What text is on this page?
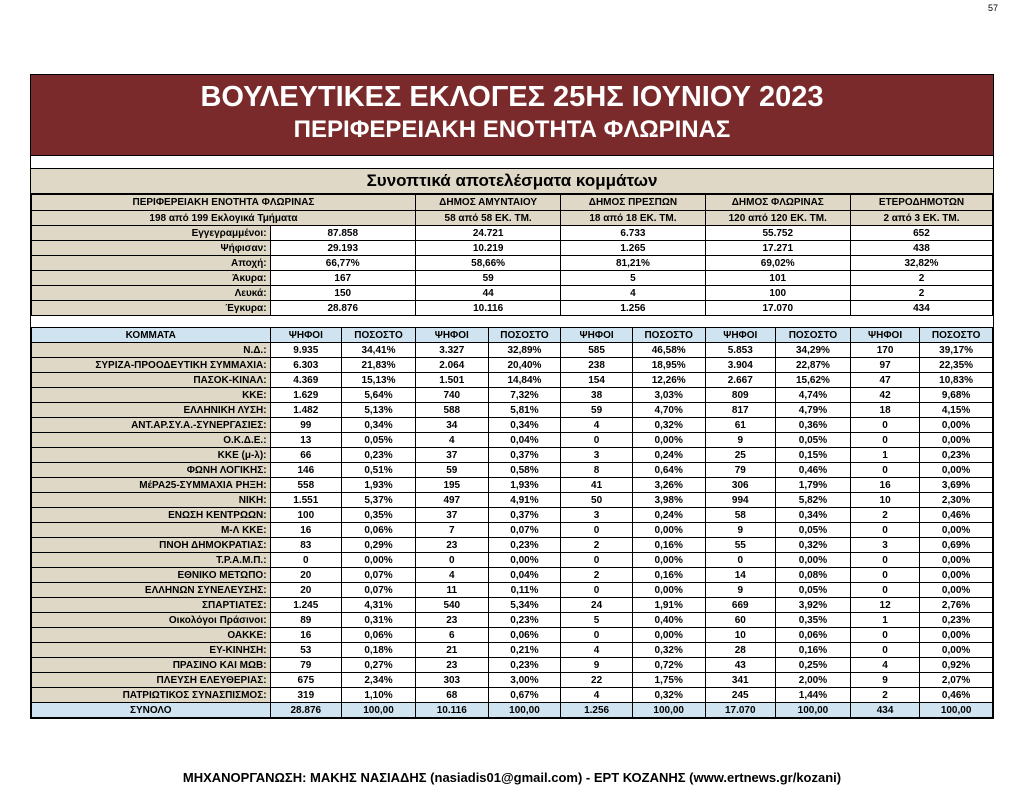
57
ΒΟΥΛΕΥΤΙΚΕΣ ΕΚΛΟΓΕΣ 25ΗΣ ΙΟΥΝΙΟΥ 2023
ΠΕΡΙΦΕΡΕΙΑΚΗ ΕΝΟΤΗΤΑ ΦΛΩΡΙΝΑΣ
Συνοπτικά αποτελέσματα κομμάτων
ΠΕΡΙΦΕΡΕΙΑΚΗ ΕΝΟΤΗΤΑ ΦΛΩΡΙΝΑΣ			ΔΗΜΟΣ ΑΜΥΝΤΑΙΟΥ		ΔΗΜΟΣ ΠΡΕΣΠΩΝ		ΔΗΜΟΣ ΦΛΩΡΙΝΑΣ		ΕΤΕΡΟΔΗΜΟΤΩΝ	
198 από 199 Εκλογικά Τμήματα			58 από 58 ΕΚ. ΤΜ.		18 από 18 ΕΚ. ΤΜ.		120 από 120 ΕΚ. ΤΜ.		2 από 3 ΕΚ. ΤΜ.	
Εγγεγραμμένοι:	87.858		24.721		6.733		55.752		652	
Ψήφισαν:	29.193		10.219		1.265		17.271		438	
Αποχή:	66,77%		58,66%		81,21%		69,02%		32,82%	
Άκυρα:	167		59		5		101		2	
Λευκά:	150		44		4		100		2	
Έγκυρα:	28.876		10.116		1.256		17.070		434	

ΚΟΜΜΑΤΑ	ΨΗΦΟΙ	ΠΟΣΟΣΤΟ	ΨΗΦΟΙ	ΠΟΣΟΣΤΟ	ΨΗΦΟΙ	ΠΟΣΟΣΤΟ	ΨΗΦΟΙ	ΠΟΣΟΣΤΟ	ΨΗΦΟΙ	ΠΟΣΟΣΤΟ
Ν.Δ.:	9.935	34,41%	3.327	32,89%	585	46,58%	5.853	34,29%	170	39,17%
ΣΥΡΙΖΑ-ΠΡΟΟΔΕΥΤΙΚΗ ΣΥΜΜΑΧΙΑ:	6.303	21,83%	2.064	20,40%	238	18,95%	3.904	22,87%	97	22,35%
ΠΑΣΟΚ-ΚΙΝΑΛ:	4.369	15,13%	1.501	14,84%	154	12,26%	2.667	15,62%	47	10,83%
ΚΚΕ:	1.629	5,64%	740	7,32%	38	3,03%	809	4,74%	42	9,68%
ΕΛΛΗΝΙΚΗ ΛΥΣΗ:	1.482	5,13%	588	5,81%	59	4,70%	817	4,79%	18	4,15%
ΑΝΤ.ΑΡ.ΣΥ.Α.-ΣΥΝΕΡΓΑΣΙΕΣ:	99	0,34%	34	0,34%	4	0,32%	61	0,36%	0	0,00%
Ο.Κ.Δ.Ε.:	13	0,05%	4	0,04%	0	0,00%	9	0,05%	0	0,00%
ΚΚΕ (μ-λ):	66	0,23%	37	0,37%	3	0,24%	25	0,15%	1	0,23%
ΦΩΝΗ ΛΟΓΙΚΗΣ:	146	0,51%	59	0,58%	8	0,64%	79	0,46%	0	0,00%
ΜέΡΑ25-ΣΥΜΜΑΧΙΑ ΡΗΞΗ:	558	1,93%	195	1,93%	41	3,26%	306	1,79%	16	3,69%
ΝΙΚΗ:	1.551	5,37%	497	4,91%	50	3,98%	994	5,82%	10	2,30%
ΕΝΩΣΗ ΚΕΝΤΡΩΩΝ:	100	0,35%	37	0,37%	3	0,24%	58	0,34%	2	0,46%
Μ-Λ ΚΚΕ:	16	0,06%	7	0,07%	0	0,00%	9	0,05%	0	0,00%
ΠΝΟΗ ΔΗΜΟΚΡΑΤΙΑΣ:	83	0,29%	23	0,23%	2	0,16%	55	0,32%	3	0,69%
Τ.Ρ.Α.Μ.Π.:	0	0,00%	0	0,00%	0	0,00%	0	0,00%	0	0,00%
ΕΘΝΙΚΟ ΜΕΤΩΠΟ:	20	0,07%	4	0,04%	2	0,16%	14	0,08%	0	0,00%
ΕΛΛΗΝΩΝ ΣΥΝΕΛΕΥΣΗΣ:	20	0,07%	11	0,11%	0	0,00%	9	0,05%	0	0,00%
ΣΠΑΡΤΙΑΤΕΣ:	1.245	4,31%	540	5,34%	24	1,91%	669	3,92%	12	2,76%
Οικολόγοι Πράσινοι:	89	0,31%	23	0,23%	5	0,40%	60	0,35%	1	0,23%
ΟΑΚΚΕ:	16	0,06%	6	0,06%	0	0,00%	10	0,06%	0	0,00%
ΕΥ-ΚΙΝΗΣΗ:	53	0,18%	21	0,21%	4	0,32%	28	0,16%	0	0,00%
ΠΡΑΣΙΝΟ ΚΑΙ ΜΩΒ:	79	0,27%	23	0,23%	9	0,72%	43	0,25%	4	0,92%
ΠΛΕΥΣΗ ΕΛΕΥΘΕΡΙΑΣ:	675	2,34%	303	3,00%	22	1,75%	341	2,00%	9	2,07%
ΠΑΤΡΙΩΤΙΚΟΣ ΣΥΝΑΣΠΙΣΜΟΣ:	319	1,10%	68	0,67%	4	0,32%	245	1,44%	2	0,46%
ΣΥΝΟΛΟ	28.876	100,00	10.116	100,00	1.256	100,00	17.070	100,00	434	100,00
ΜΗΧΑΝΟΡΓΑΝΩΣΗ: ΜΑΚΗΣ ΝΑΣΙΑΔΗΣ (nasiadis01@gmail.com) - ΕΡΤ ΚΟΖΑΝΗΣ (www.ertnews.gr/kozani)
